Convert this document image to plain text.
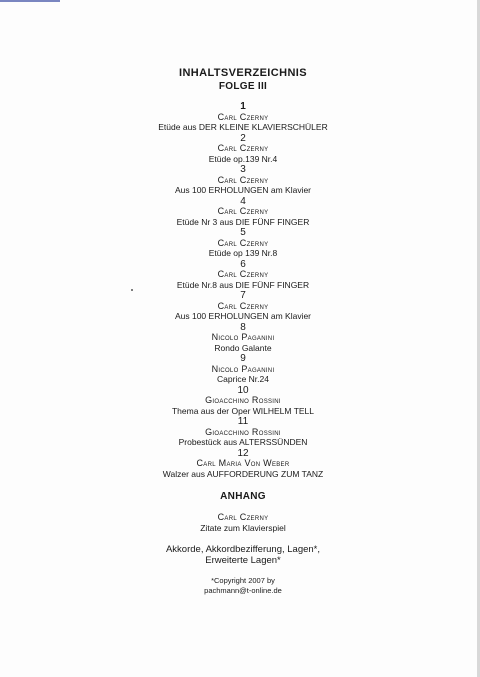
INHALTSVERZEICHNIS
FOLGE III
1
Carl Czerny
Etüde aus DER KLEINE KLAVIERSCHÜLER
2
Carl Czerny
Etüde op.139 Nr.4
3
Carl Czerny
Aus 100 ERHOLUNGEN am Klavier
4
Carl Czerny
Etüde Nr 3 aus DIE FÜNF FINGER
5
Carl Czerny
Etüde op 139 Nr.8
6
Carl Czerny
Etüde Nr.8 aus DIE FÜNF FINGER
7
Carl Czerny
Aus 100 ERHOLUNGEN am Klavier
8
Nicolo Paganini
Rondo Galante
9
Nicolo Paganini
Caprice Nr.24
10
Gioacchino Rossini
Thema aus der Oper WILHELM TELL
11
Gioacchino Rossini
Probestück aus ALTERSSÜNDEN
12
Carl Maria Von Weber
Walzer aus AUFFORDERUNG ZUM TANZ
ANHANG
Carl Czerny
Zitate zum Klavierspiel
Akkorde, Akkordbezifferung, Lagen*,
Erweiterte Lagen*
*Copyright 2007 by
pachmann@t-online.de
